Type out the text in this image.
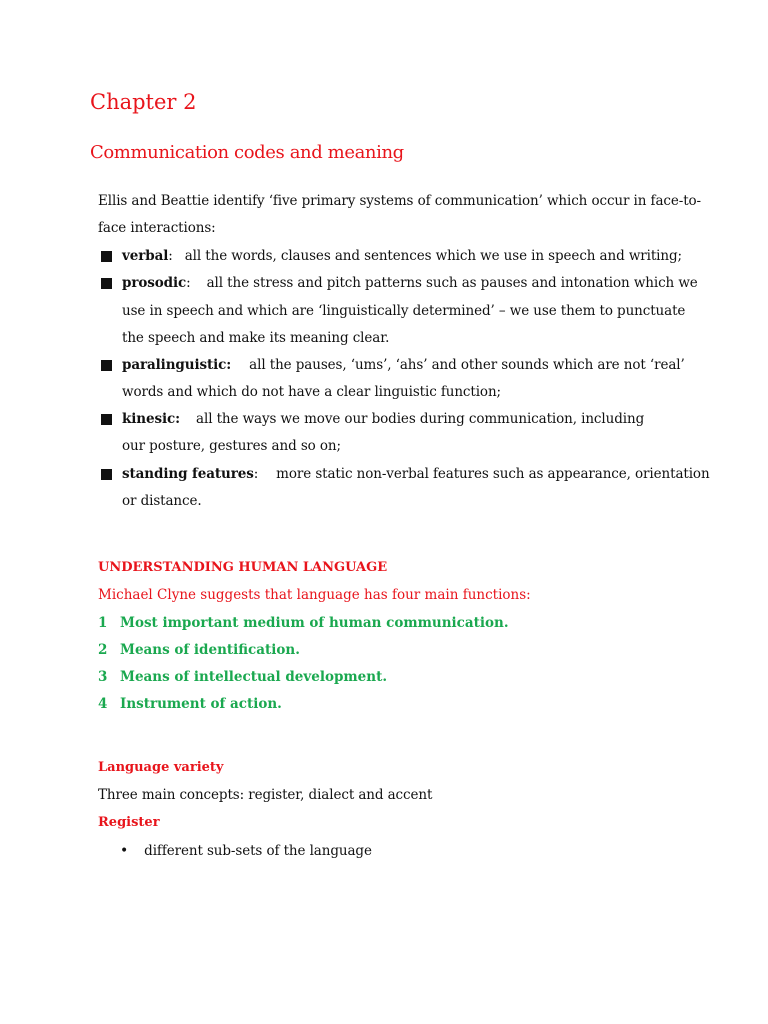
Chapter 2
Communication codes and meaning
Ellis and Beattie identify ‘five primary systems of communication’ which occur in face-to-
face interactions:
verbal: all the words, clauses and sentences which we use in speech and writing;
prosodic: all the stress and pitch patterns such as pauses and intonation which we
use in speech and which are ‘linguistically determined’ – we use them to punctuate
the speech and make its meaning clear.
paralinguistic: all the pauses, ‘ums’, ‘ahs’ and other sounds which are not ‘real’
words and which do not have a clear linguistic function;
kinesic: all the ways we move our bodies during communication, including
our posture, gestures and so on;
standing features: more static non-verbal features such as appearance, orientation
or distance.
UNDERSTANDING HUMAN LANGUAGE
Michael Clyne suggests that language has four main functions:
1 Most important medium of human communication.
2 Means of identification.
3 Means of intellectual development.
4 Instrument of action.
Language variety
Three main concepts: register, dialect and accent
Register
• different sub-sets of the language
